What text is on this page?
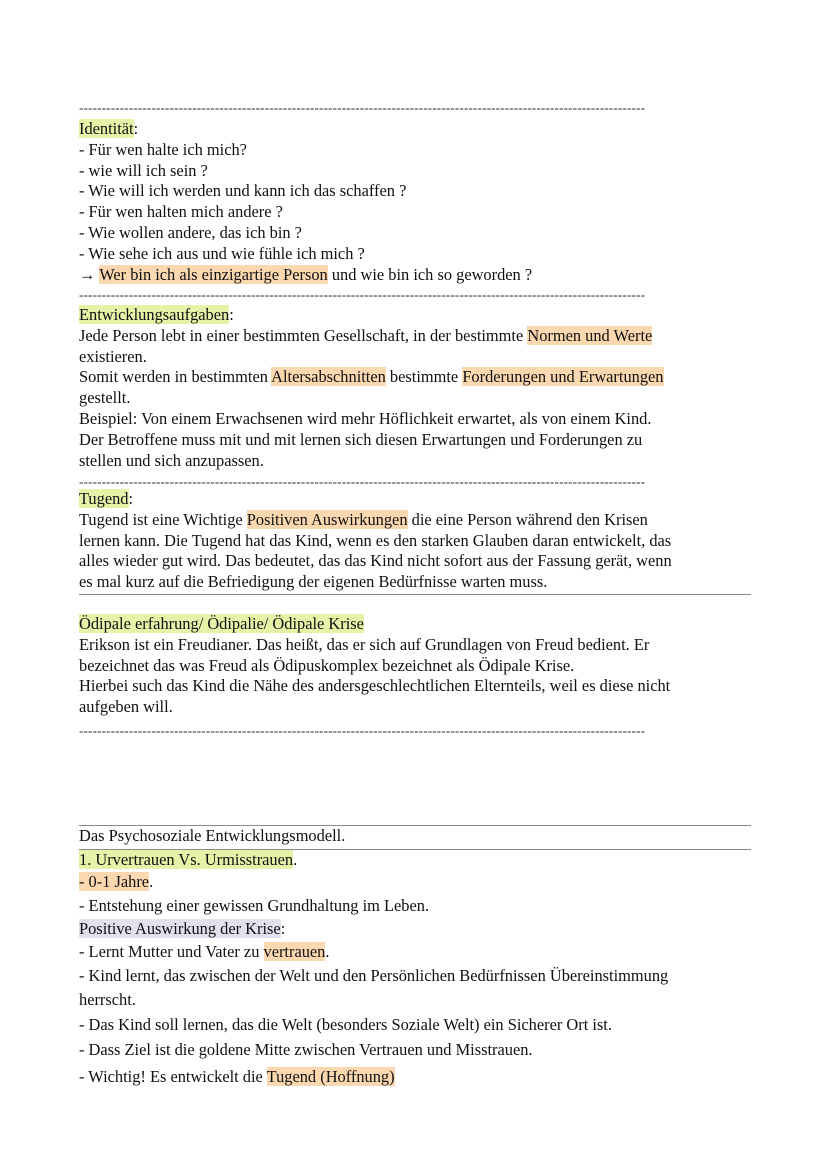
-----------------------------------------------------------------------------------------------------------------------------
Identität:
- Für wen halte ich mich?
- wie will ich sein ?
- Wie will ich werden und kann ich das schaffen ?
- Für wen halten mich andere ?
- Wie wollen andere, das ich bin ?
- Wie sehe ich aus und wie fühle ich mich ?
→ Wer bin ich als einzigartige Person und wie bin ich so geworden ?
-----------------------------------------------------------------------------------------------------------------------------
Entwicklungsaufgaben:
Jede Person lebt in einer bestimmten Gesellschaft, in der bestimmte Normen und Werte
existieren.
Somit werden in bestimmten Altersabschnitten bestimmte Forderungen und Erwartungen
gestellt.
Beispiel: Von einem Erwachsenen wird mehr Höflichkeit erwartet, als von einem Kind.
Der Betroffene muss mit und mit lernen sich diesen Erwartungen und Forderungen zu
stellen und sich anzupassen.
-----------------------------------------------------------------------------------------------------------------------------
Tugend:
Tugend ist eine Wichtige Positiven Auswirkungen die eine Person während den Krisen
lernen kann. Die Tugend hat das Kind, wenn es den starken Glauben daran entwickelt, das
alles wieder gut wird. Das bedeutet, das das Kind nicht sofort aus der Fassung gerät, wenn
es mal kurz auf die Befriedigung der eigenen Bedürfnisse warten muss.
Ödipale erfahrung/ Ödipalie/ Ödipale Krise
Erikson ist ein Freudianer. Das heißt, das er sich auf Grundlagen von Freud bedient. Er
bezeichnet das was Freud als Ödipuskomplex bezeichnet als Ödipale Krise.
Hierbei such das Kind die Nähe des andersgeschlechtlichen Elternteils, weil es diese nicht
aufgeben will.
-----------------------------------------------------------------------------------------------------------------------------
Das Psychosoziale Entwicklungsmodell.
1. Urvertrauen Vs. Urmisstrauen.
- 0-1 Jahre.
- Entstehung einer gewissen Grundhaltung im Leben.
Positive Auswirkung der Krise:
- Lernt Mutter und Vater zu vertrauen.
- Kind lernt, das zwischen der Welt und den Persönlichen Bedürfnissen Übereinstimmung
herrscht.
- Das Kind soll lernen, das die Welt (besonders Soziale Welt) ein Sicherer Ort ist.
- Dass Ziel ist die goldene Mitte zwischen Vertrauen und Misstrauen.
- Wichtig! Es entwickelt die Tugend (Hoffnung)
